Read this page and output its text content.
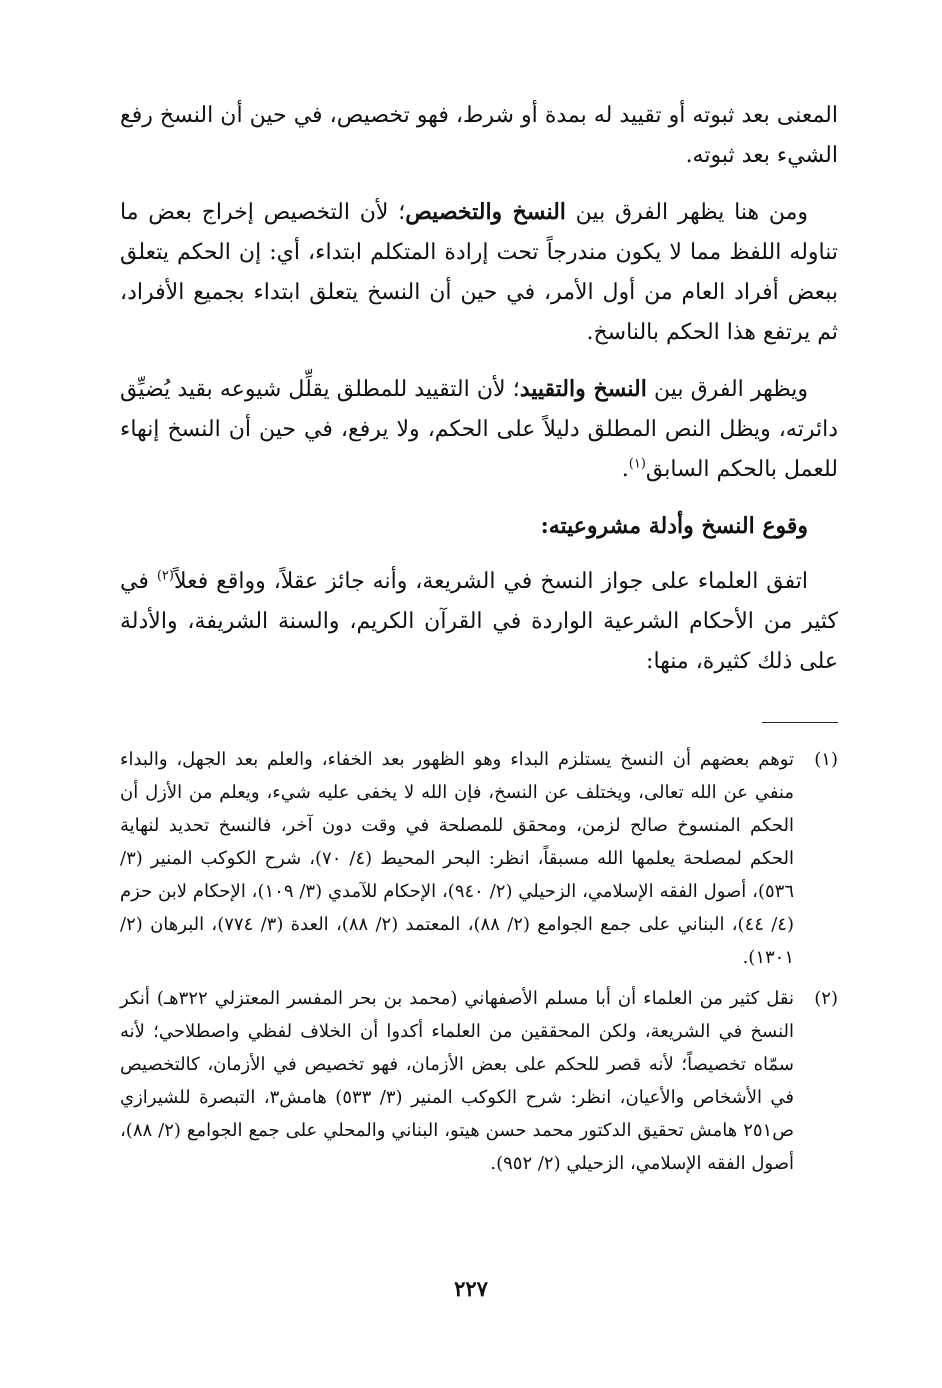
المعنى بعد ثبوته أو تقييد له بمدة أو شرط، فهو تخصيص، في حين أن النسخ رفع الشيء بعد ثبوته.

ومن هنا يظهر الفرق بين النسخ والتخصيص؛ لأن التخصيص إخراج بعض ما تناوله اللفظ مما لا يكون مندرجاً تحت إرادة المتكلم ابتداء، أي: إن الحكم يتعلق ببعض أفراد العام من أول الأمر، في حين أن النسخ يتعلق ابتداء بجميع الأفراد، ثم يرتفع هذا الحكم بالناسخ.

ويظهر الفرق بين النسخ والتقييد؛ لأن التقييد للمطلق يقلِّل شيوعه بقيد يُضيِّق دائرته، ويظل النص المطلق دليلاً على الحكم، ولا يرفع، في حين أن النسخ إنهاء للعمل بالحكم السابق$^{(١)}$.

وقوع النسخ وأدلة مشروعيته:

اتفق العلماء على جواز النسخ في الشريعة، وأنه جائز عقلاً، وواقع فعلاً$^{(٢)}$ في كثير من الأحكام الشرعية الواردة في القرآن الكريم، والسنة الشريفة، والأدلة على ذلك كثيرة، منها:

(١)
توهم بعضهم أن النسخ يستلزم البداء وهو الظهور بعد الخفاء، والعلم بعد الجهل، والبداء منفي عن الله تعالى، ويختلف عن النسخ، فإن الله لا يخفى عليه شيء، ويعلم من الأزل أن الحكم المنسوخ صالح لزمن، ومحقق للمصلحة في وقت دون آخر، فالنسخ تحديد لنهاية الحكم لمصلحة يعلمها الله مسبقاً، انظر: البحر المحيط (٤/ ٧٠)، شرح الكوكب المنير (٣/ ٥٣٦)، أصول الفقه الإسلامي، الزحيلي (٢/ ٩٤٠)، الإحكام للآمدي (٣/ ١٠٩)، الإحكام لابن حزم (٤/ ٤٤)، البناني على جمع الجوامع (٢/ ٨٨)، المعتمد (٢/ ٨٨)، العدة (٣/ ٧٧٤)، البرهان (٢/ ١٣٠١).
(٢)
نقل كثير من العلماء أن أبا مسلم الأصفهاني (محمد بن بحر المفسر المعتزلي ٣٢٢هـ) أنكر النسخ في الشريعة، ولكن المحققين من العلماء أكدوا أن الخلاف لفظي واصطلاحي؛ لأنه سمّاه تخصيصاً؛ لأنه قصر للحكم على بعض الأزمان، فهو تخصيص في الأزمان، كالتخصيص في الأشخاص والأعيان، انظر: شرح الكوكب المنير (٣/ ٥٣٣) هامش٣، التبصرة للشيرازي ص٢٥١ هامش تحقيق الدكتور محمد حسن هيتو، البناني والمحلي على جمع الجوامع (٢/ ٨٨)، أصول الفقه الإسلامي، الزحيلي (٢/ ٩٥٢).
٢٢٧
